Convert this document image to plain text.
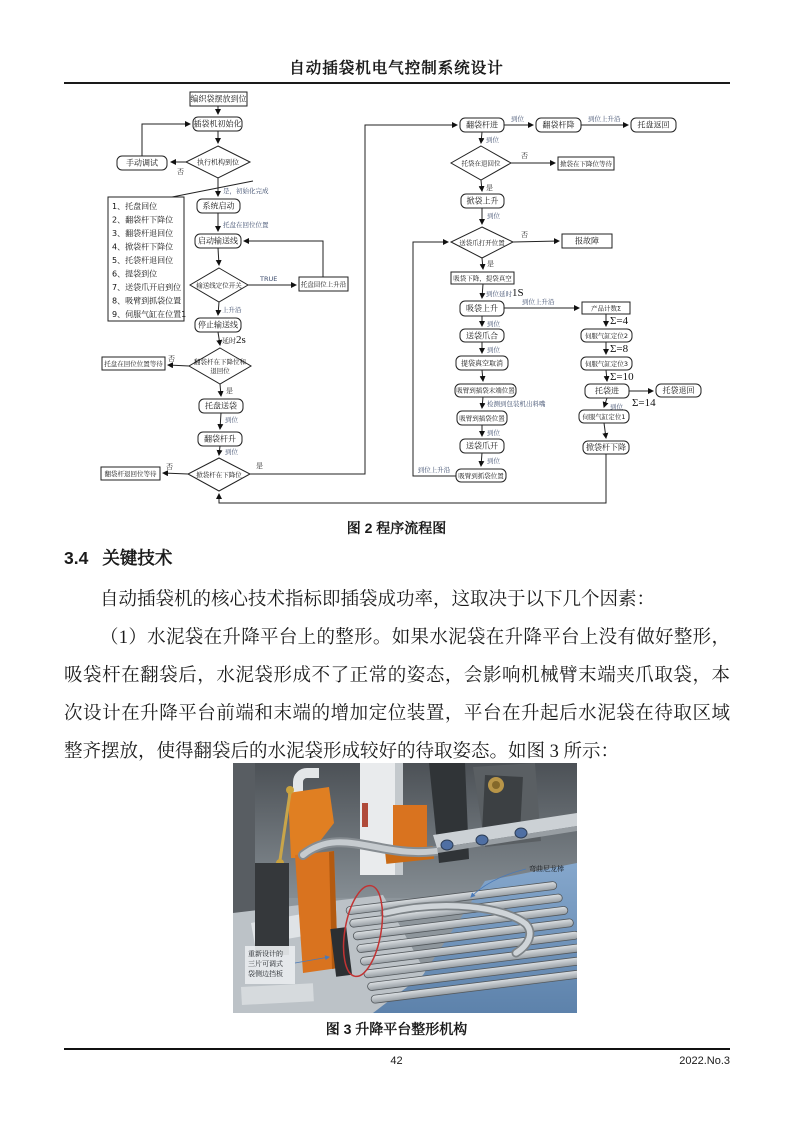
自动插袋机电气控制系统设计
编织袋摆放到位
插袋机初始化
手动调试	执行机构到位
系统启动
启动输送线
1、托盘回位
2、翻袋杆下降位
3、翻袋杆退回位
4、掀袋杆下降位
5、托袋杆退回位
6、提袋到位
7、送袋爪开启到位
8、吸臂到抓袋位置
9、伺服气缸在位置1
输送线定位开关	托盘回位上升沿
停止输送线
翻袋杆在下降位和
退回位
托盘在回位位置等待
托盘送袋
翻袋杆升
掀袋杆在下降位
翻袋杆退回位等待
翻袋杆进	翻袋杆降	托盘返回
托袋在退回位	掀袋在下降位等待
掀袋上升
送袋爪打开位置	报故障
吸袋下降，提袋真空
吸袋上升	产品计数Σ
伺服气缸定位2
伺服气缸定位3
托袋进	托袋退回
伺服气缸定位1
掀袋杆下降
送袋爪合
提袋真空取消
吸臂到插袋末端位置
吸臂到插袋位置
送袋爪开
吸臂到抓袋位置
否
是，初始化完成
托盘在回位位置
TRUE
上升沿
延时2s
否
是
到位
到位
否	是
到位	到位上升沿
到位
否
是
到位
否
是
到位延时1S
到位上升沿
到位
到位
检测到包装机出料嘴
到位
到位
到位上升沿
Σ=4
Σ=8
Σ=10
Σ=14
到位
图 2 程序流程图
3.4 关键技术
自动插袋机的核心技术指标即插袋成功率，这取决于以下几个因素：
（1）水泥袋在升降平台上的整形。如果水泥袋在升降平台上没有做好整形，
吸袋杆在翻袋后，水泥袋形成不了正常的姿态，会影响机械臂末端夹爪取袋，本
次设计在升降平台前端和末端的增加定位装置，平台在升起后水泥袋在待取区域
整齐摆放，使得翻袋后的水泥袋形成较好的待取姿态。如图 3 所示：
重新设计的
三片可调式
袋侧边挡板
弯曲尼龙棒
图 3 升降平台整形机构
42	2022.No.3
